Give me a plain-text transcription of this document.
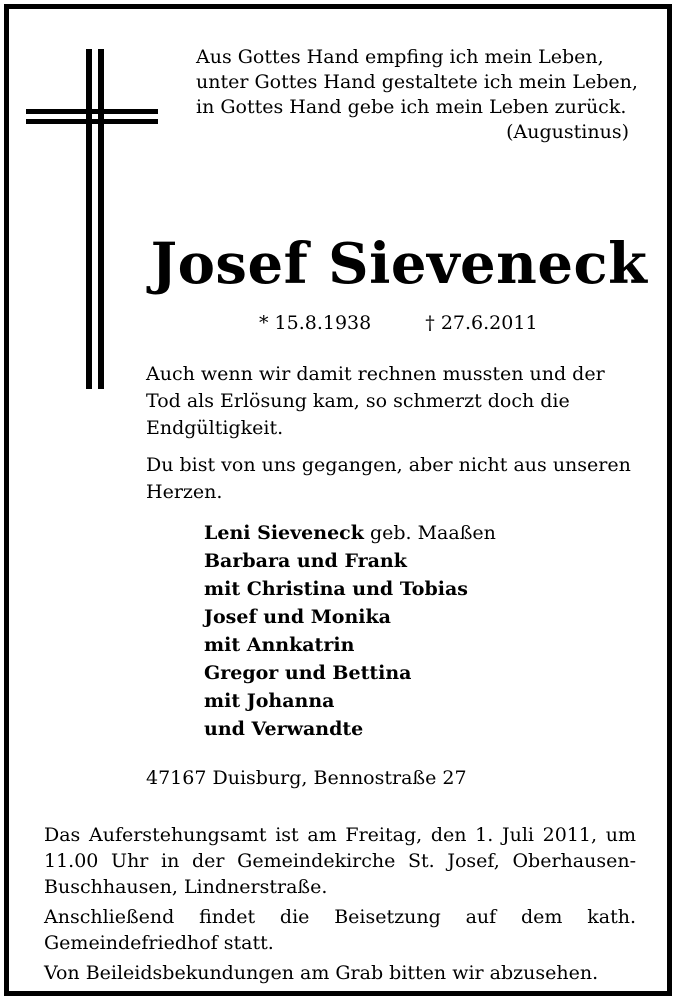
Aus Gottes Hand empfing ich mein Leben,
unter Gottes Hand gestaltete ich mein Leben,
in Gottes Hand gebe ich mein Leben zurück.
(Augustinus)
Josef Sieveneck
* 15.8.1938	† 27.6.2011
Auch wenn wir damit rechnen mussten und der Tod als Erlösung kam, so schmerzt doch die Endgültigkeit.
Du bist von uns gegangen, aber nicht aus unseren Herzen.
Leni Sieveneck geb. Maaßen
Barbara und Frank
mit Christina und Tobias
Josef und Monika
mit Annkatrin
Gregor und Bettina
mit Johanna
und Verwandte
47167 Duisburg, Bennostraße 27
Das Auferstehungsamt ist am Freitag, den 1. Juli 2011, um 11.00 Uhr in der Gemeindekirche St. Josef, Oberhausen-Buschhausen, Lindnerstraße.
Anschließend findet die Beisetzung auf dem kath. Gemeindefriedhof statt.
Von Beileidsbekundungen am Grab bitten wir abzusehen.
